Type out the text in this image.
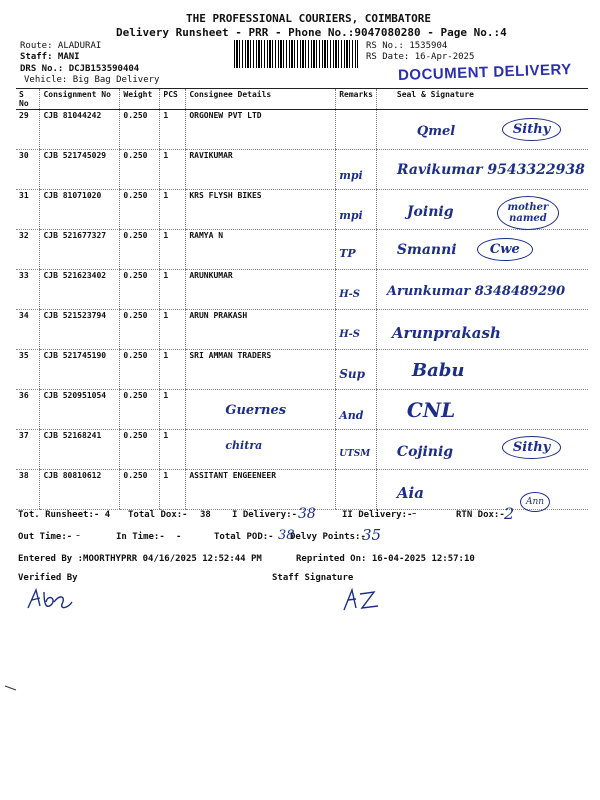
THE PROFESSIONAL COURIERS, COIMBATORE
Delivery Runsheet - PRR - Phone No.:9047080280 - Page No.:4
Route: ALADURAI
Staff: MANI
DRS No.: DCJB153590404
Vehicle: Big Bag Delivery
RS No.: 1535904
RS Date: 16-Apr-2025
DOCUMENT DELIVERY
S No	Consignment No	Weight	PCS	Consignee Details	Remarks	Seal & Signature
29	CJB 81044242	0.250	1	ORGONEW PVT LTD		Qmel Sithy

30	CJB 521745029	0.250	1	RAVIKUMAR	mpi	Ravikumar 9543322938

31	CJB 81071020	0.250	1	KRS FLYSH BIKES	mpi	Joinig mother named

32	CJB 521677327	0.250	1	RAMYA N	TP	Smanni Cwe

33	CJB 521623402	0.250	1	ARUNKUMAR	H-S	Arunkumar 8348489290

34	CJB 521523794	0.250	1	ARUN PRAKASH	H-S	Arunprakash

35	CJB 521745190	0.250	1	SRI AMMAN TRADERS	Sup	Babu

36	CJB 520951054	0.250	1	Guernes	And	CNL

37	CJB 52168241	0.250	1	chitra	UTSM	Cojinig Sithy

38	CJB 80810612	0.250	1	ASSITANT ENGEENEER		Aia
Tot. Runsheet:- 4 Total Dox:- 38 I Delivery:- 38	II Delivery:- -	RTN Dox:- 2
Ann
Out Time:- -	In Time:- -	Total POD:- 38
Delvy Points:-
35
Entered By :MOORTHYPRR 04/16/2025 12:52:44 PM	Reprinted On: 16-04-2025 12:57:10
Verified By	Staff Signature
